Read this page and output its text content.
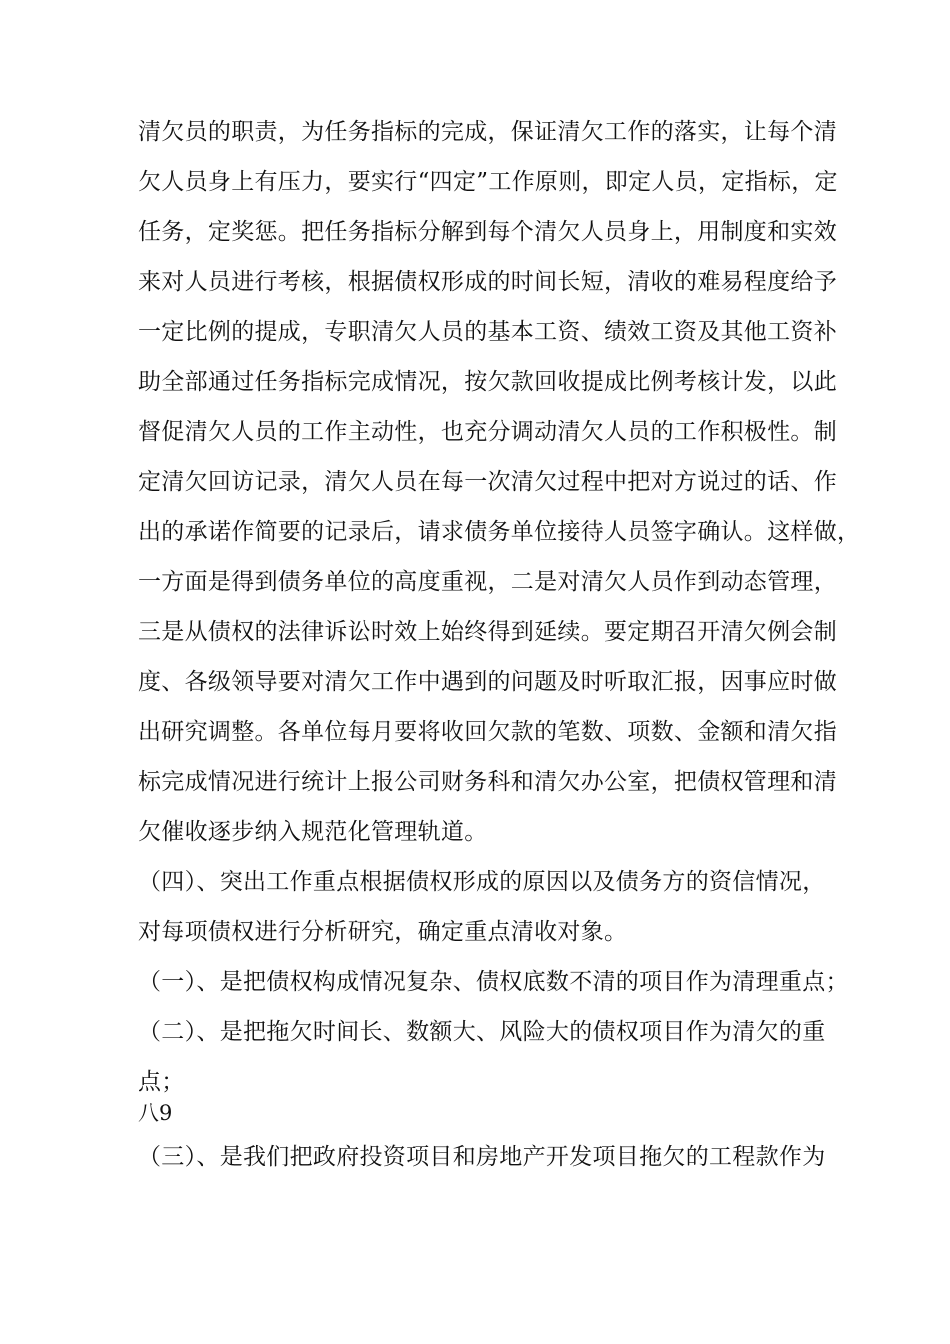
清欠员的职责，为任务指标的完成，保证清欠工作的落实，让每个清
欠人员身上有压力，要实行“四定”工作原则，即定人员，定指标，定
任务，定奖惩。把任务指标分解到每个清欠人员身上，用制度和实效
来对人员进行考核，根据债权形成的时间长短，清收的难易程度给予
一定比例的提成，专职清欠人员的基本工资、绩效工资及其他工资补
助全部通过任务指标完成情况，按欠款回收提成比例考核计发，以此
督促清欠人员的工作主动性，也充分调动清欠人员的工作积极性。制
定清欠回访记录，清欠人员在每一次清欠过程中把对方说过的话、作
出的承诺作简要的记录后，请求债务单位接待人员签字确认。这样做，
一方面是得到债务单位的高度重视，二是对清欠人员作到动态管理，
三是从债权的法律诉讼时效上始终得到延续。要定期召开清欠例会制
度、各级领导要对清欠工作中遇到的问题及时听取汇报，因事应时做
出研究调整。各单位每月要将收回欠款的笔数、项数、金额和清欠指
标完成情况进行统计上报公司财务科和清欠办公室，把债权管理和清
欠催收逐步纳入规范化管理轨道。
（四）、突出工作重点根据债权形成的原因以及债务方的资信情况，
对每项债权进行分析研究，确定重点清收对象。
（一）、是把债权构成情况复杂、债权底数不清的项目作为清理重点；
（二）、是把拖欠时间长、数额大、风险大的债权项目作为清欠的重
点；
八9
（三）、是我们把政府投资项目和房地产开发项目拖欠的工程款作为
